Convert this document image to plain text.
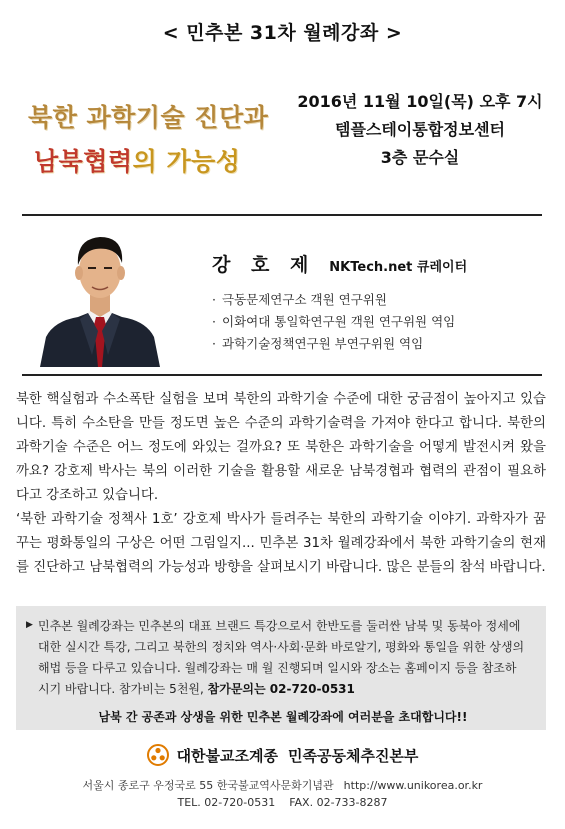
< 민추본 31차 월례강좌 >
북한 과학기술 진단과
남북협력의 가능성
2016년 11월 10일(목) 오후 7시
템플스테이통합정보센터
3층 문수실
강 호 제 NKTech.net 큐레이터
· 극동문제연구소 객원 연구위원
· 이화여대 통일학연구원 객원 연구위원 역임
· 과학기술정책연구원 부연구위원 역임

북한 핵실험과 수소폭탄 실험을 보며 북한의 과학기술 수준에 대한 궁금점이 높아지고 있습니다. 특히 수소탄을 만들 정도면 높은 수준의 과학기술력을 가져야 한다고 합니다. 북한의 과학기술 수준은 어느 정도에 와있는 걸까요? 또 북한은 과학기술을 어떻게 발전시켜 왔을까요? 강호제 박사는 북의 이러한 기술을 활용할 새로운 남북경협과 협력의 관점이 필요하다고 강조하고 있습니다.

‘북한 과학기술 정책사 1호’ 강호제 박사가 들려주는 북한의 과학기술 이야기. 과학자가 꿈꾸는 평화통일의 구상은 어떤 그림일지... 민추본 31차 월례강좌에서 북한 과학기술의 현재를 진단하고 남북협력의 가능성과 방향을 살펴보시기 바랍니다. 많은 분들의 참석 바랍니다.

▶ 민추본 월례강좌는 민추본의 대표 브랜드 특강으로서 한반도를 둘러싼 남북 및 동북아 정세에 대한 실시간 특강, 그리고 북한의 정치와 역사·사회·문화 바로알기, 평화와 통일을 위한 상생의 해법 등을 다루고 있습니다. 월례강좌는 매 월 진행되며 일시와 장소는 홈페이지 등을 참조하시기 바랍니다. 참가비는 5천원, 참가문의는 02-720-0531
남북 간 공존과 상생을 위한 민추본 월례강좌에 여러분을 초대합니다!!
대한불교조계종 민족공동체추진본부
서울시 종로구 우정국로 55 한국불교역사문화기념관 http://www.unikorea.or.kr
TEL. 02-720-0531 FAX. 02-733-8287
